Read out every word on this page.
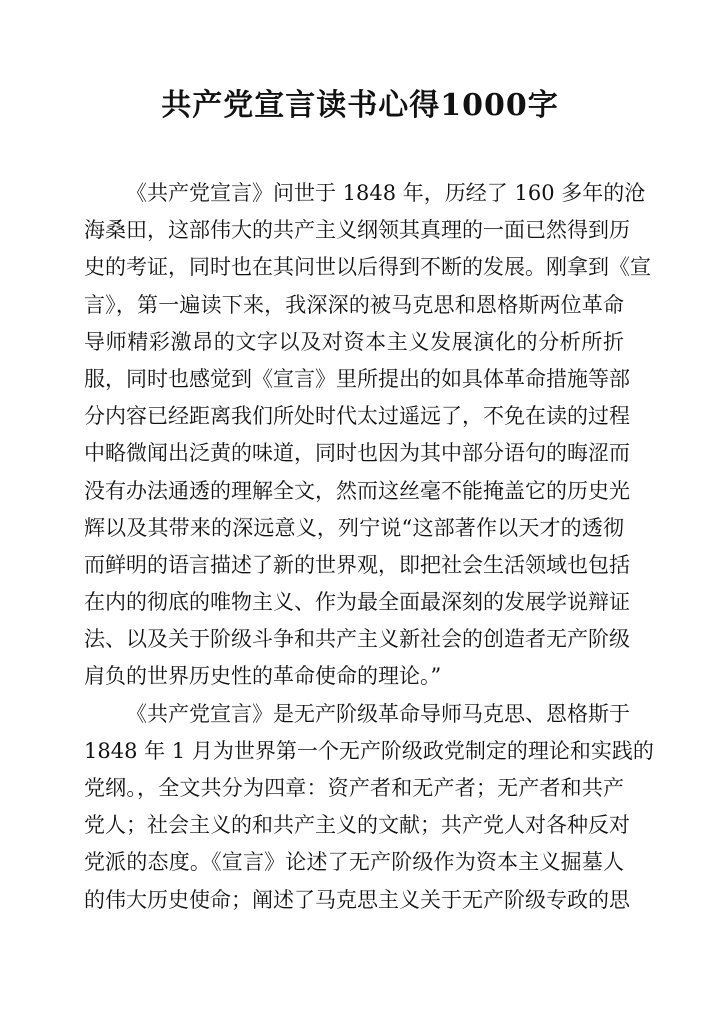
共产党宣言读书心得1000字
《共产党宣言》问世于 1848 年，历经了 160 多年的沧
海桑田，这部伟大的共产主义纲领其真理的一面已然得到历
史的考证，同时也在其问世以后得到不断的发展。刚拿到《宣
言》，第一遍读下来，我深深的被马克思和恩格斯两位革命
导师精彩激昂的文字以及对资本主义发展演化的分析所折
服，同时也感觉到《宣言》里所提出的如具体革命措施等部
分内容已经距离我们所处时代太过遥远了，不免在读的过程
中略微闻出泛黄的味道，同时也因为其中部分语句的晦涩而
没有办法通透的理解全文，然而这丝毫不能掩盖它的历史光
辉以及其带来的深远意义，列宁说“这部著作以天才的透彻
而鲜明的语言描述了新的世界观，即把社会生活领域也包括
在内的彻底的唯物主义、作为最全面最深刻的发展学说辩证
法、以及关于阶级斗争和共产主义新社会的创造者无产阶级
肩负的世界历史性的革命使命的理论。”
《共产党宣言》是无产阶级革命导师马克思、恩格斯于
1848 年 1 月为世界第一个无产阶级政党制定的理论和实践的
党纲。，全文共分为四章：资产者和无产者；无产者和共产
党人；社会主义的和共产主义的文献；共产党人对各种反对
党派的态度。《宣言》论述了无产阶级作为资本主义掘墓人
的伟大历史使命；阐述了马克思主义关于无产阶级专政的思
